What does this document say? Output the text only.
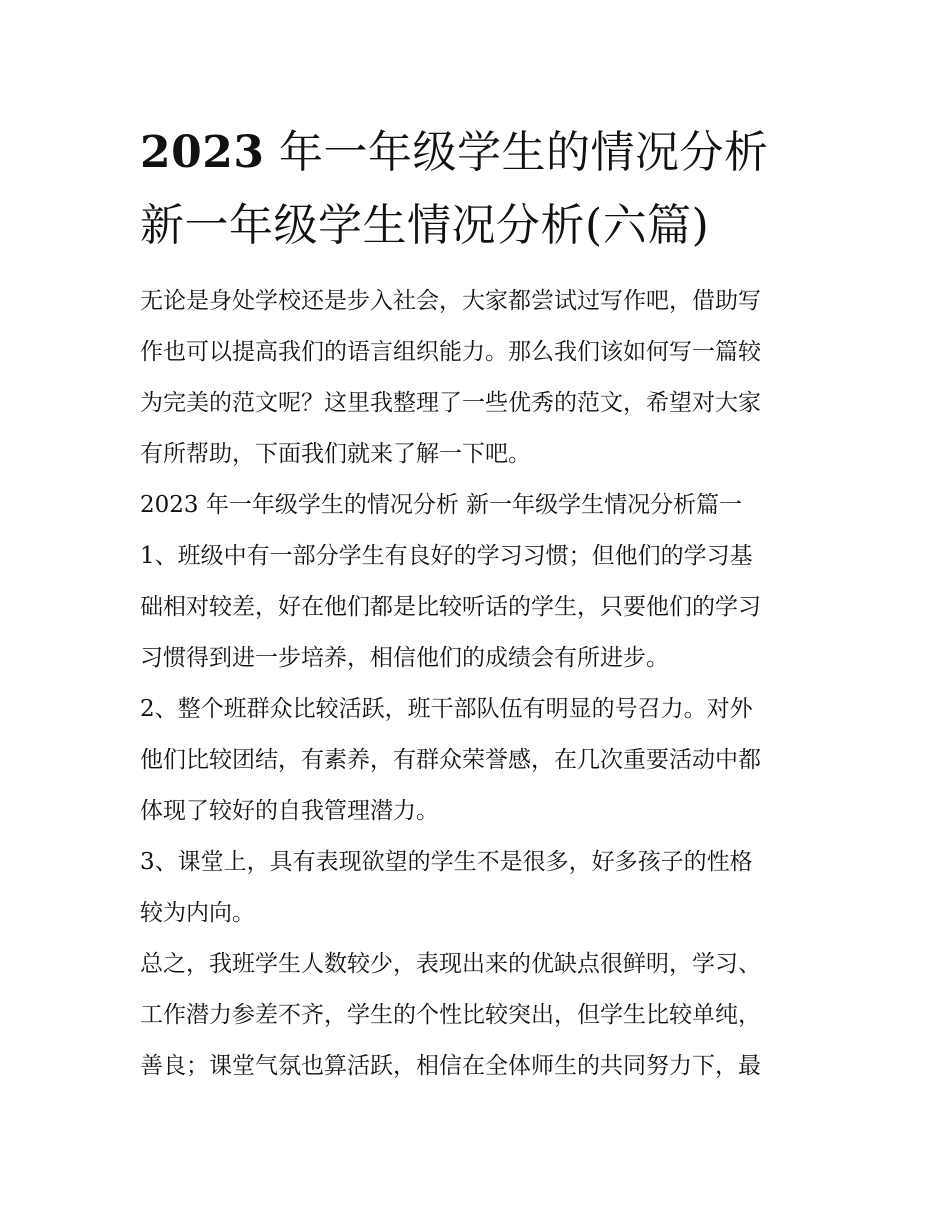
2023 年一年级学生的情况分析
新一年级学生情况分析(六篇)
无论是身处学校还是步入社会，大家都尝试过写作吧，借助写
作也可以提高我们的语言组织能力。那么我们该如何写一篇较
为完美的范文呢？这里我整理了一些优秀的范文，希望对大家
有所帮助，下面我们就来了解一下吧。
2023 年一年级学生的情况分析 新一年级学生情况分析篇一
1、班级中有一部分学生有良好的学习习惯；但他们的学习基
础相对较差，好在他们都是比较听话的学生，只要他们的学习
习惯得到进一步培养，相信他们的成绩会有所进步。
2、整个班群众比较活跃，班干部队伍有明显的号召力。对外
他们比较团结，有素养，有群众荣誉感，在几次重要活动中都
体现了较好的自我管理潜力。
3、课堂上，具有表现欲望的学生不是很多，好多孩子的性格
较为内向。
总之，我班学生人数较少，表现出来的优缺点很鲜明，学习、
工作潜力参差不齐，学生的个性比较突出，但学生比较单纯，
善良；课堂气氛也算活跃，相信在全体师生的共同努力下，最
